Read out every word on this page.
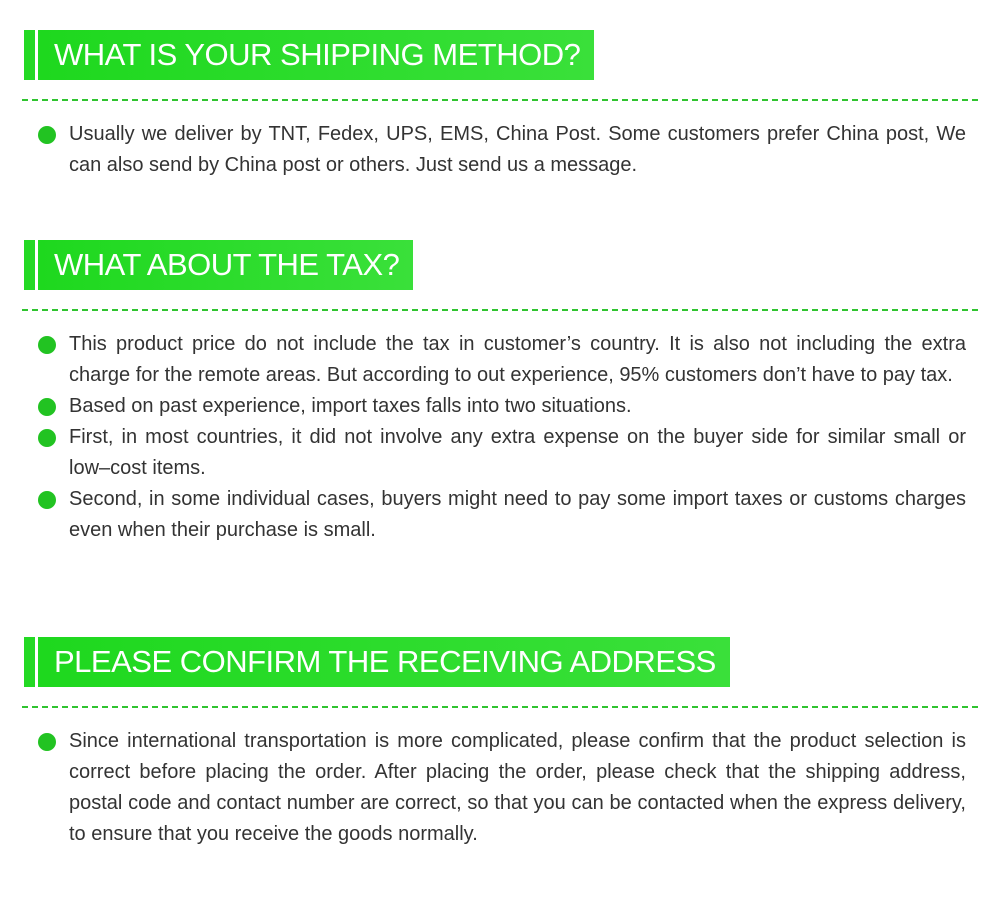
WHAT IS YOUR SHIPPING METHOD?
Usually we deliver by TNT, Fedex, UPS, EMS, China Post. Some customers prefer China post, We can also send by China post or others. Just send us a message.
WHAT ABOUT THE TAX?
This product price do not include the tax in customer’s country. It is also not including the extra charge for the remote areas. But according to out experience, 95% customers don’t have to pay tax.
Based on past experience, import taxes falls into two situations.
First, in most countries, it did not involve any extra expense on the buyer side for similar small or low–cost items.
Second, in some individual cases, buyers might need to pay some import taxes or customs charges even when their purchase is small.
PLEASE CONFIRM THE RECEIVING ADDRESS
Since international transportation is more complicated, please confirm that the product selection is correct before placing the order. After placing the order, please check that the shipping address, postal code and contact number are correct, so that you can be contacted when the express delivery, to ensure that you receive the goods normally.
